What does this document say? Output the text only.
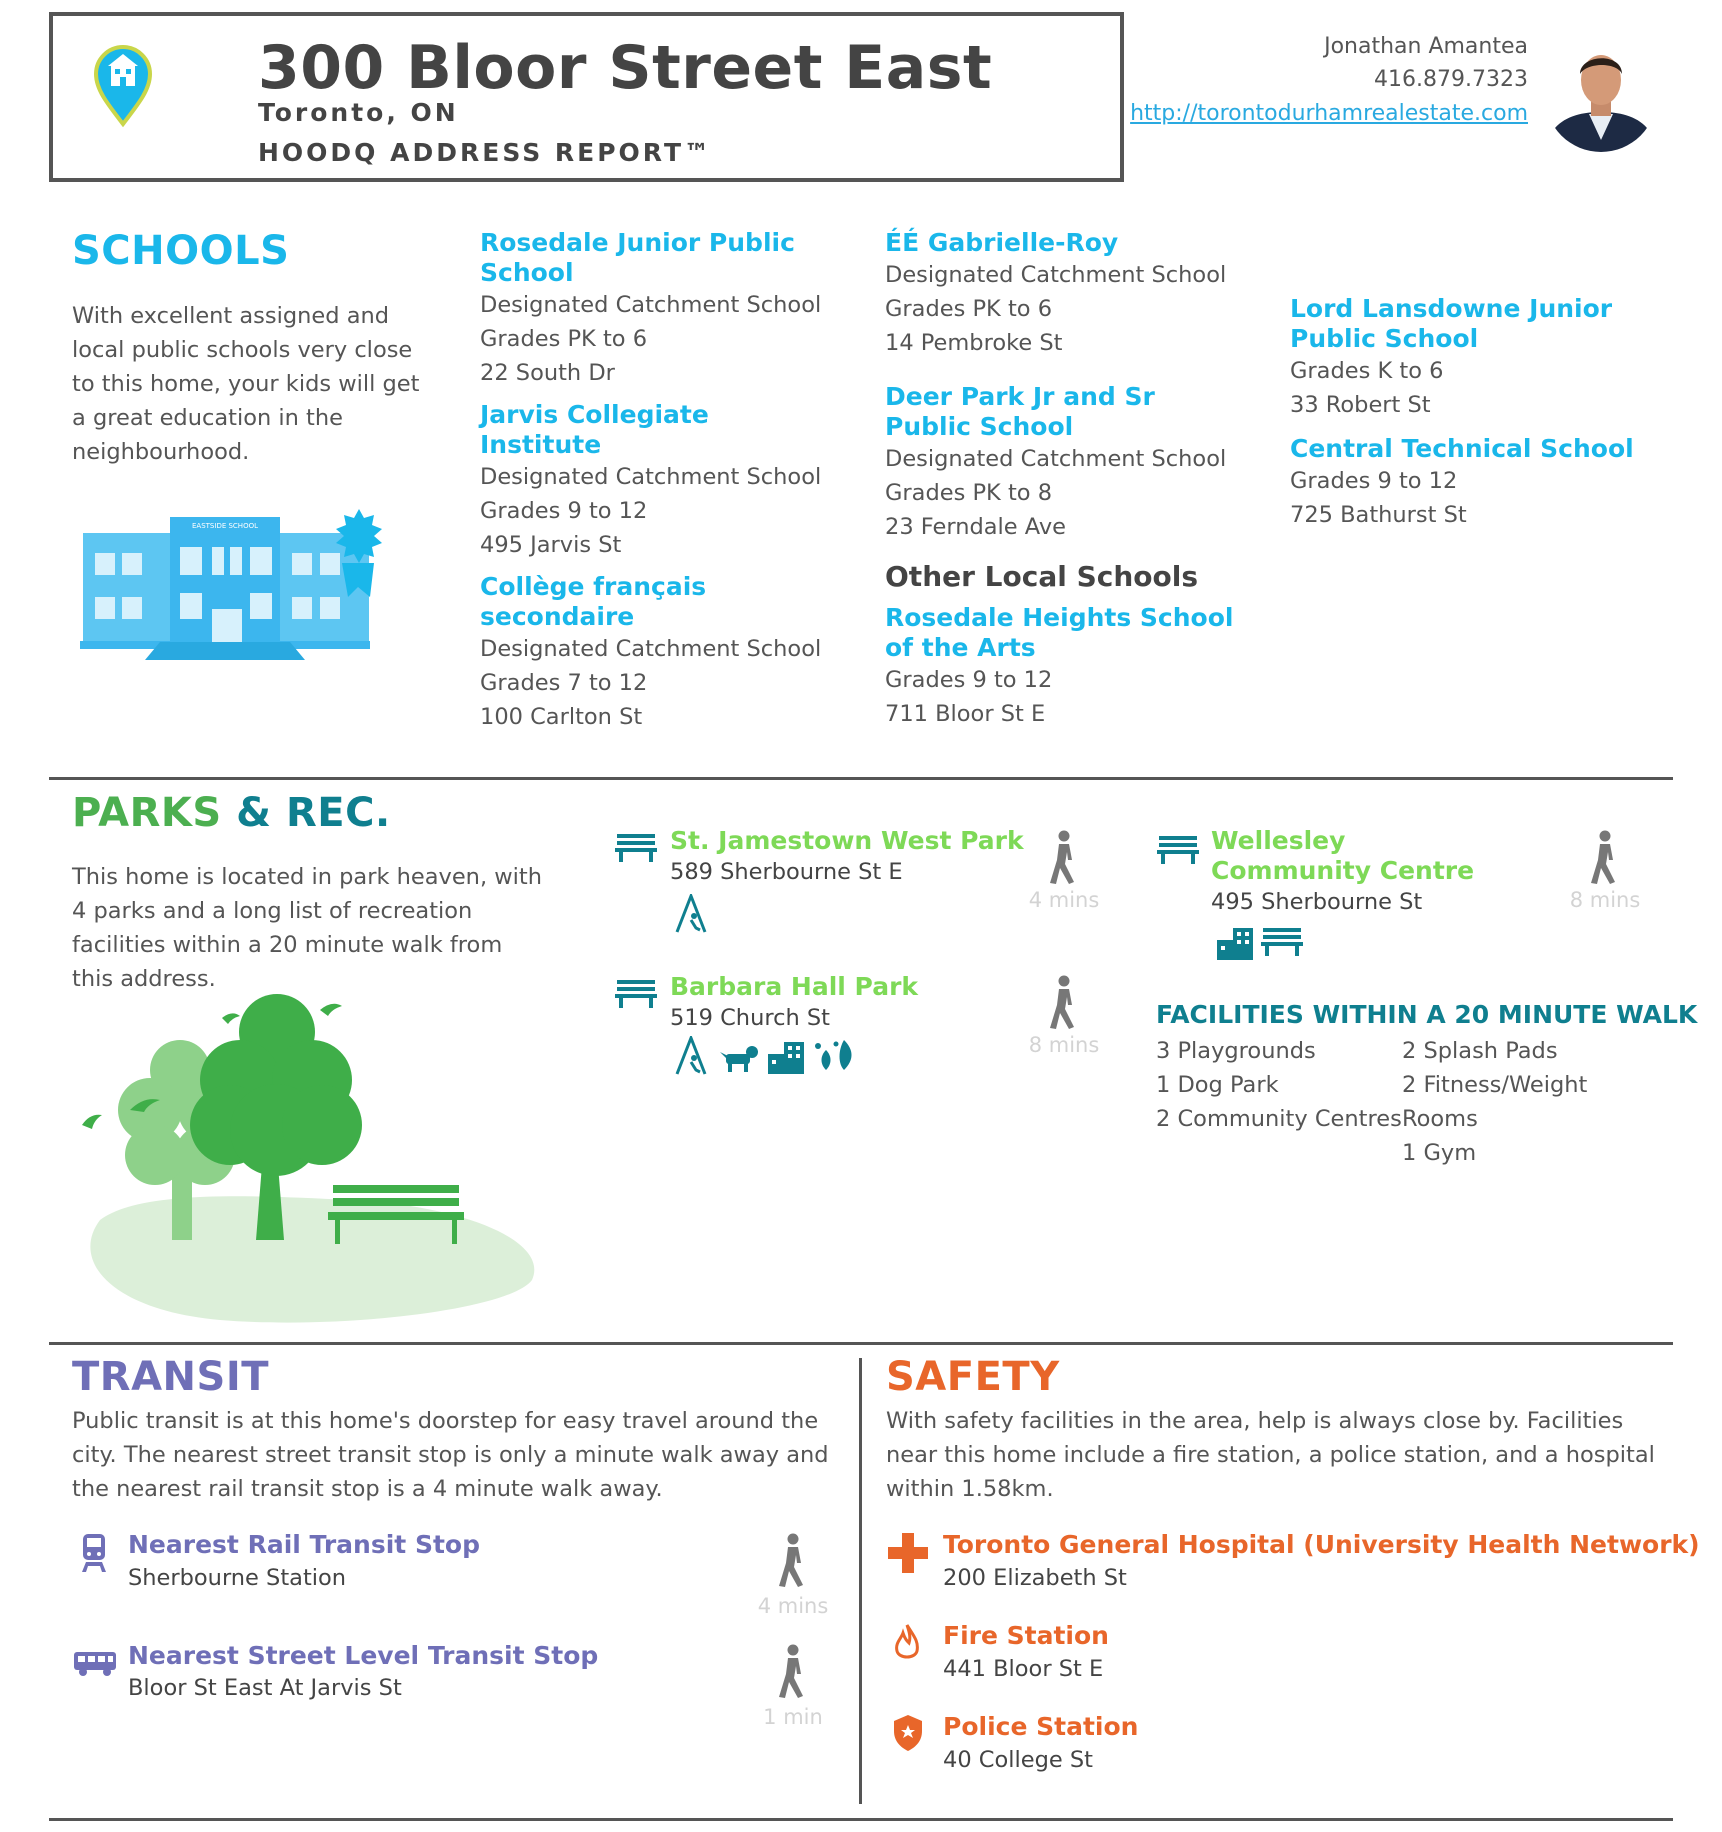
300 Bloor Street East
Toronto, ON
HOODQ ADDRESS REPORT™
Jonathan Amantea
416.879.7323
http://torontodurhamrealestate.com
SCHOOLS
With excellent assigned and local public schools very close to this home, your kids will get a great education in the neighbourhood.
EASTSIDE SCHOOL
Rosedale Junior Public School
Designated Catchment School
Grades PK to 6
22 South Dr
Jarvis Collegiate Institute
Designated Catchment School
Grades 9 to 12
495 Jarvis St
Collège français secondaire
Designated Catchment School
Grades 7 to 12
100 Carlton St
ÉÉ Gabrielle-Roy
Designated Catchment School
Grades PK to 6
14 Pembroke St
Deer Park Jr and Sr Public School
Designated Catchment School
Grades PK to 8
23 Ferndale Ave
Other Local Schools
Rosedale Heights School of the Arts
Grades 9 to 12
711 Bloor St E
Lord Lansdowne Junior Public School
Grades K to 6
33 Robert St
Central Technical School
Grades 9 to 12
725 Bathurst St
PARKS & REC.
This home is located in park heaven, with 4 parks and a long list of recreation facilities within a 20 minute walk from this address.
St. Jamestown West Park
589 Sherbourne St E
4 mins
Barbara Hall Park
519 Church St
8 mins
Wellesley Community Centre
495 Sherbourne St	8 mins
FACILITIES WITHIN A 20 MINUTE WALK
3 Playgrounds
1 Dog Park
2 Community Centres
2 Splash Pads
2 Fitness/Weight
Rooms
1 Gym
TRANSIT
Public transit is at this home's doorstep for easy travel around the city. The nearest street transit stop is only a minute walk away and the nearest rail transit stop is a 4 minute walk away.
Nearest Rail Transit Stop
Sherbourne Station
4 mins
Nearest Street Level Transit Stop
Bloor St East At Jarvis St
1 min
SAFETY
With safety facilities in the area, help is always close by. Facilities near this home include a fire station, a police station, and a hospital within 1.58km.
Toronto General Hospital (University Health Network)
200 Elizabeth St
Fire Station
441 Bloor St E
Police Station
40 College St
